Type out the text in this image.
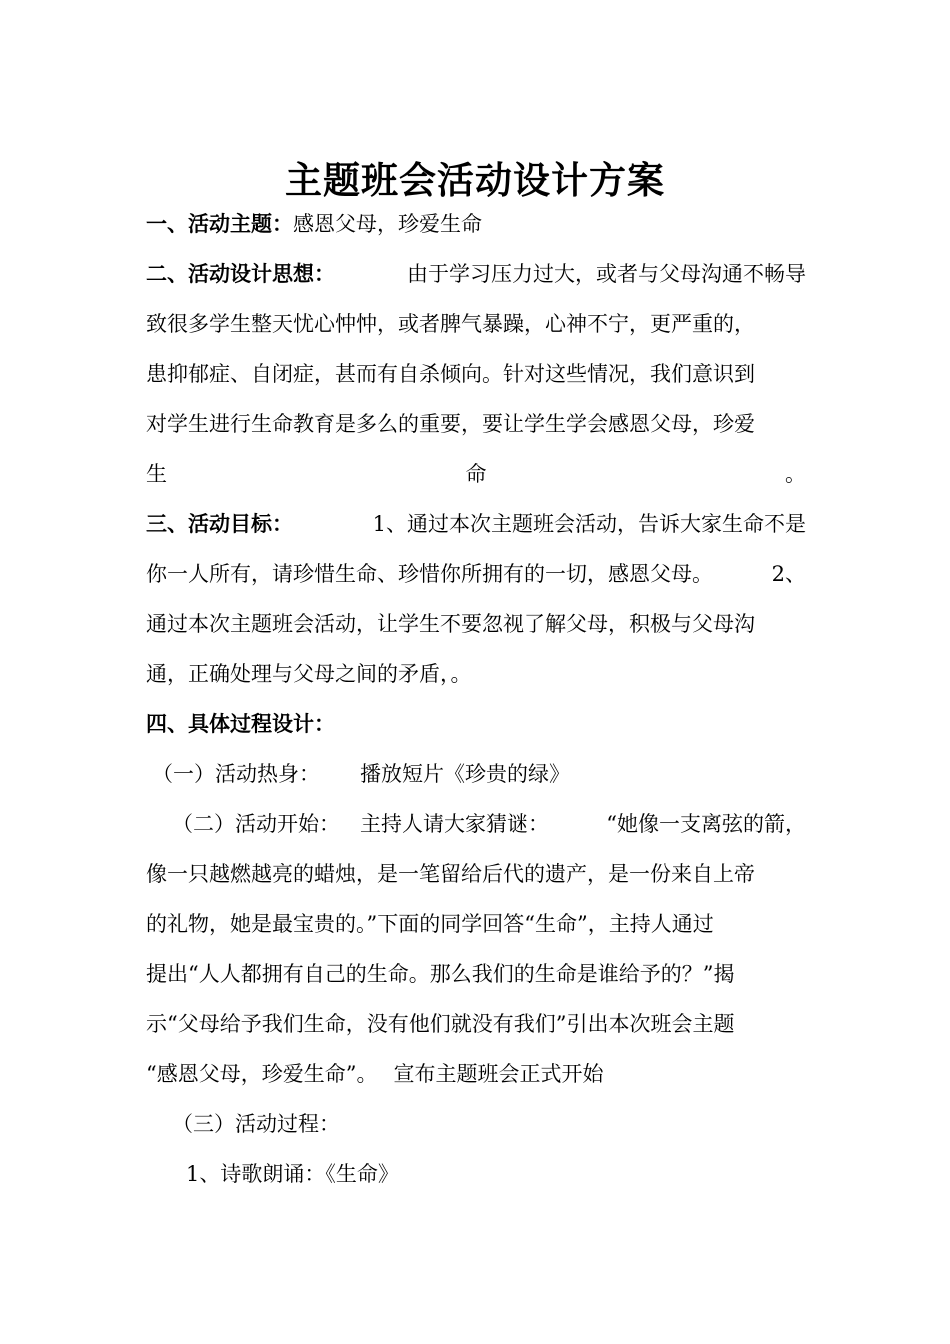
主题班会活动设计方案
一、活动主题：感恩父母，珍爱生命
二、活动设计思想：	由于学习压力过大，或者与父母沟通不畅导
致很多学生整天忧心忡忡，或者脾气暴躁，心神不宁，更严重的，
患抑郁症、自闭症，甚而有自杀倾向。针对这些情况，我们意识到
对学生进行生命教育是多么的重要，要让学生学会感恩父母，珍爱
生	命	。
三、活动目标：	1、通过本次主题班会活动，告诉大家生命不是
你一人所有，请珍惜生命、珍惜你所拥有的一切，感恩父母。	2、
通过本次主题班会活动，让学生不要忽视了解父母，积极与父母沟
通，正确处理与父母之间的矛盾，。
四、具体过程设计：
（一）活动热身： 播放短片《珍贵的绿》
（二）活动开始： 主持人请大家猜谜：	“她像一支离弦的箭，
像一只越燃越亮的蜡烛，是一笔留给后代的遗产，是一份来自上帝
的礼物，她是最宝贵的。”下面的同学回答“生命”，主持人通过
提出“人人都拥有自己的生命。那么我们的生命是谁给予的？”揭
示“父母给予我们生命，没有他们就没有我们”引出本次班会主题
“感恩父母，珍爱生命”。 宣布主题班会正式开始
（三）活动过程：
1、诗歌朗诵：《生命》
